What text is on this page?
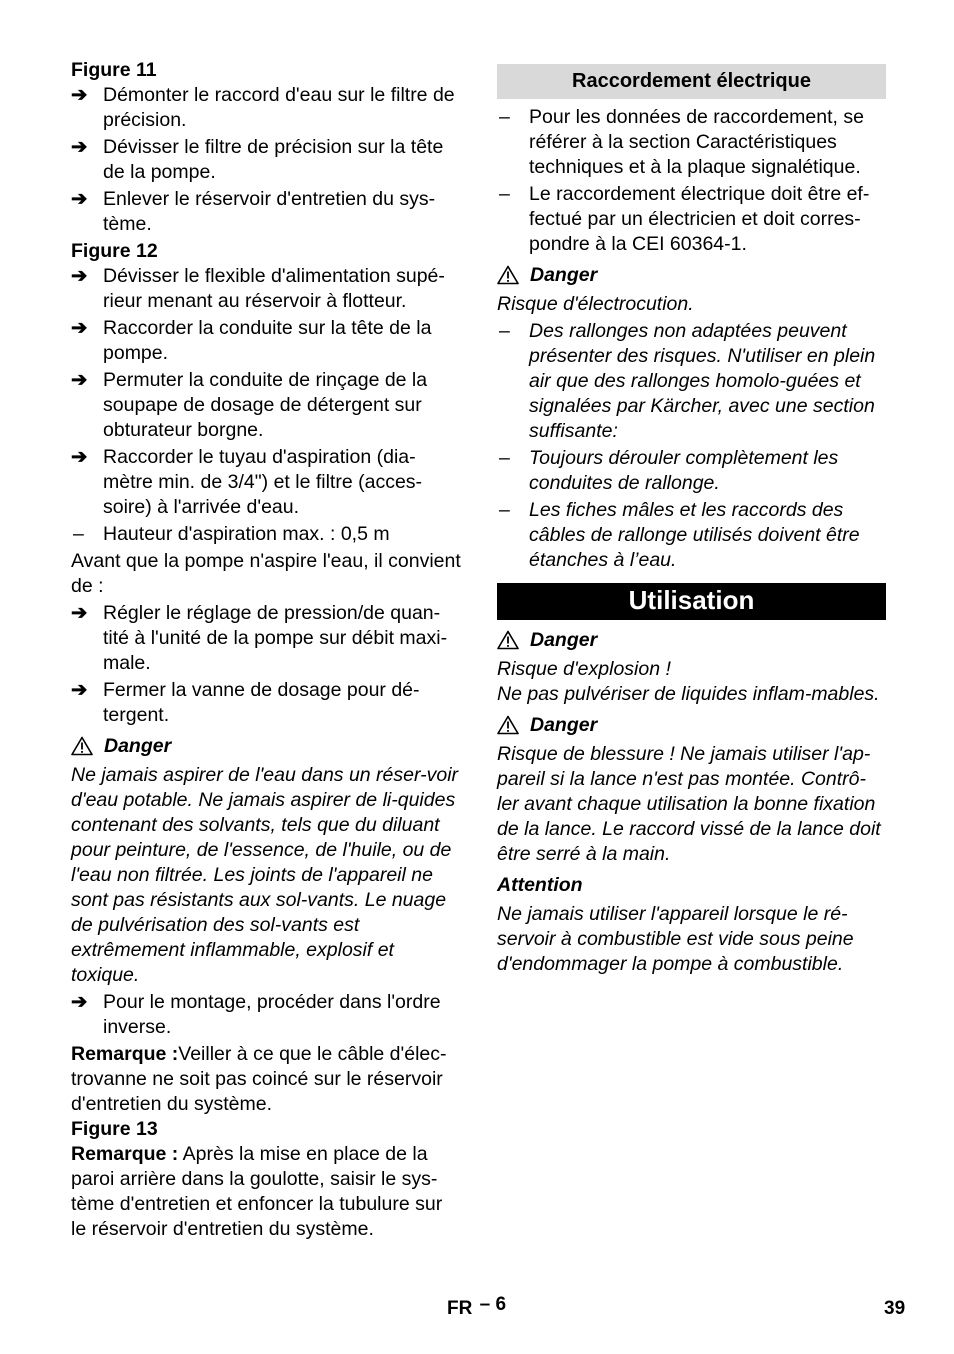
Figure 11
➔ Démonter le raccord d'eau sur le filtre de précision.
➔ Dévisser le filtre de précision sur la tête de la pompe.
➔ Enlever le réservoir d'entretien du sys-tème.
Figure 12
➔ Dévisser le flexible d'alimentation supé-rieur menant au réservoir à flotteur.
➔ Raccorder la conduite sur la tête de la pompe.
➔ Permuter la conduite de rinçage de la soupape de dosage de détergent sur obturateur borgne.
➔ Raccorder le tuyau d'aspiration (dia-mètre min. de 3/4") et le filtre (acces-soire) à l'arrivée d'eau.
– Hauteur d'aspiration max. : 0,5 m
Avant que la pompe n'aspire l'eau, il convient de :
➔ Régler le réglage de pression/de quan-tité à l'unité de la pompe sur débit maxi-male.
➔ Fermer la vanne de dosage pour dé-tergent.
Danger
Ne jamais aspirer de l'eau dans un réser-voir d'eau potable. Ne jamais aspirer de li-quides contenant des solvants, tels que du diluant pour peinture, de l'essence, de l'huile, ou de l'eau non filtrée. Les joints de l'appareil ne sont pas résistants aux sol-vants. Le nuage de pulvérisation des sol-vants est extrêmement inflammable, explosif et toxique.
➔ Pour le montage, procéder dans l'ordre inverse.
Remarque :Veiller à ce que le câble d'élec-trovanne ne soit pas coincé sur le réservoir d'entretien du système.
Figure 13
Remarque : Après la mise en place de la paroi arrière dans la goulotte, saisir le sys-tème d'entretien et enfoncer la tubulure sur le réservoir d'entretien du système.
Raccordement électrique
– Pour les données de raccordement, se référer à la section Caractéristiques techniques et à la plaque signalétique.
– Le raccordement électrique doit être ef-fectué par un électricien et doit corres-pondre à la CEI 60364-1.
Danger
Risque d'électrocution.
– Des rallonges non adaptées peuvent présenter des risques. N'utiliser en plein air que des rallonges homolo-guées et signalées par Kärcher, avec une section suffisante:
– Toujours dérouler complètement les conduites de rallonge.
– Les fiches mâles et les raccords des câbles de rallonge utilisés doivent être étanches à l’eau.
Utilisation
Danger
Risque d'explosion !
Ne pas pulvériser de liquides inflam-mables.
Danger
Risque de blessure ! Ne jamais utiliser l'ap-pareil si la lance n'est pas montée. Contrô-ler avant chaque utilisation la bonne fixation de la lance. Le raccord vissé de la lance doit être serré à la main.
Attention
Ne jamais utiliser l'appareil lorsque le ré-servoir à combustible est vide sous peine d'endommager la pompe à combustible.
FR – 6	39
